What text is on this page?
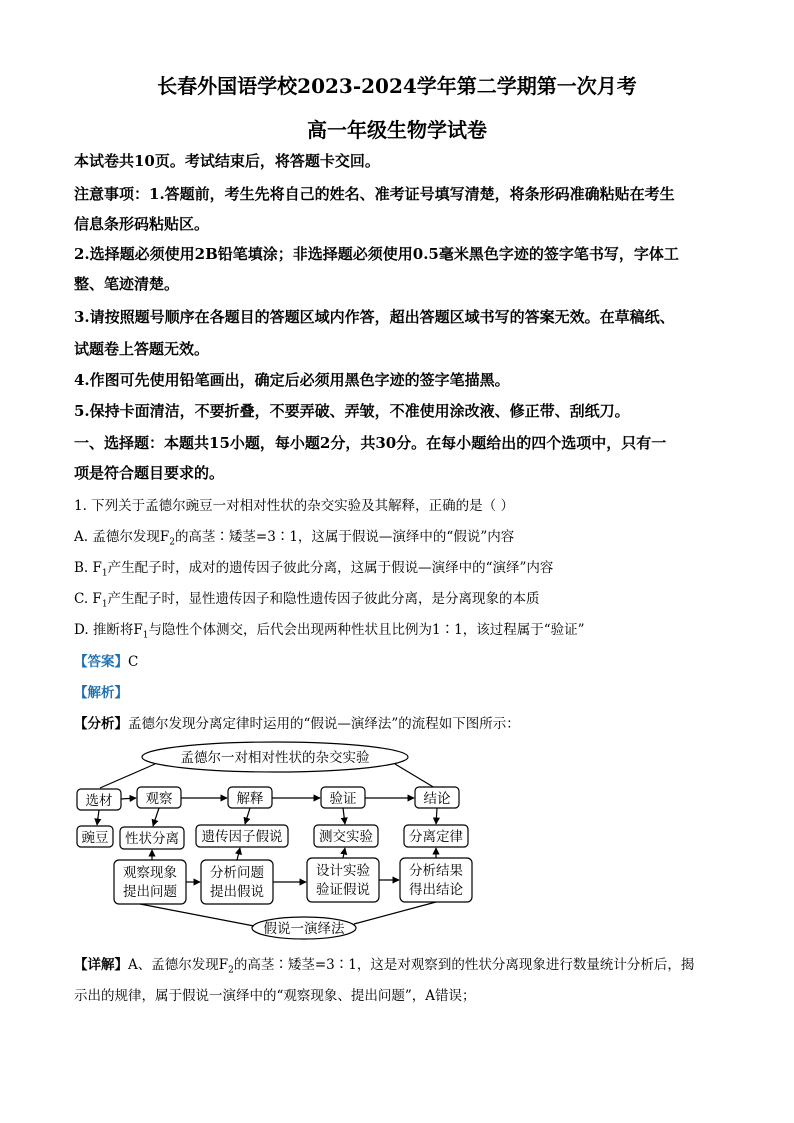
长春外国语学校2023-2024学年第二学期第一次月考
高一年级生物学试卷
本试卷共10页。考试结束后，将答题卡交回。
注意事项：1.答题前，考生先将自己的姓名、准考证号填写清楚，将条形码准确粘贴在考生
信息条形码粘贴区。
2.选择题必须使用2B铅笔填涂；非选择题必须使用0.5毫米黑色字迹的签字笔书写，字体工
整、笔迹清楚。
3.请按照题号顺序在各题目的答题区域内作答，超出答题区域书写的答案无效。在草稿纸、
试题卷上答题无效。
4.作图可先使用铅笔画出，确定后必须用黑色字迹的签字笔描黑。
5.保持卡面清洁，不要折叠，不要弄破、弄皱，不准使用涂改液、修正带、刮纸刀。
一、选择题：本题共15小题，每小题2分，共30分。在每小题给出的四个选项中，只有一
项是符合题目要求的。
1. 下列关于孟德尔豌豆一对相对性状的杂交实验及其解释，正确的是（ ）
A. 孟德尔发现$F_2$的高茎∶矮茎=3∶1，这属于假说—演绎中的“假说”内容
B. $F_1$产生配子时，成对的遗传因子彼此分离，这属于假说—演绎中的“演绎”内容
C. $F_1$产生配子时，显性遗传因子和隐性遗传因子彼此分离，是分离现象的本质
D. 推断将$F_1$与隐性个体测交，后代会出现两种性状且比例为1∶1，该过程属于“验证”
【答案】C
【解析】
【分析】孟德尔发现分离定律时运用的“假说—演绎法”的流程如下图所示：
孟德尔一对相对性状的杂交实验
选材 观察	解释	验证	结论
豌豆 性状分离 遗传因子假说	测交实验	分离定律
观察现象
提出问题
分析问题
提出假说
设计实验
验证假说
分析结果
得出结论
假说一演绎法
【详解】A、孟德尔发现$F_2$的高茎∶矮茎=3∶1，这是对观察到的性状分离现象进行数量统计分析后，揭
示出的规律，属于假说一演绎中的“观察现象、提出问题”，A错误；
